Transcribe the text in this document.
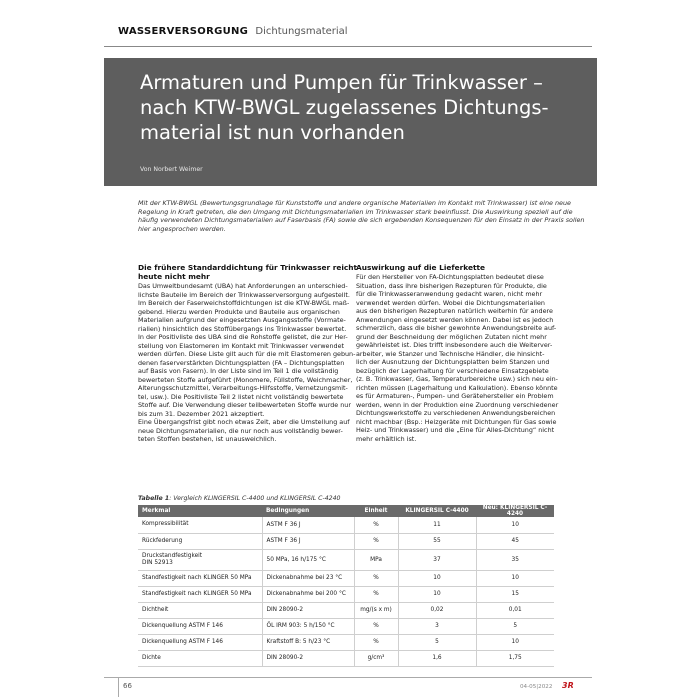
WASSERVERSORGUNG Dichtungsmaterial
Armaturen und Pumpen für Trinkwasser – nach KTW-BWGL zugelassenes Dichtungsmaterial ist nun vorhanden
Von Norbert Weimer
Mit der KTW-BWGL (Bewertungsgrundlage für Kunststoffe und andere organische Materialien im Kontakt mit Trinkwasser) ist eine neue Regelung in Kraft getreten, die den Umgang mit Dichtungsmaterialien im Trinkwasser stark beeinflusst. Die Auswirkung speziell auf die häufig verwendeten Dichtungsmaterialien auf Faserbasis (FA) sowie die sich ergebenden Konsequenzen für den Einsatz in der Praxis sollen hier angesprochen werden.
Die frühere Standarddichtung für Trinkwasser reicht heute nicht mehr

Das Umweltbundesamt (UBA) hat Anforderungen an unterschied-
lichste Bauteile im Bereich der Trinkwasserversorgung aufgestellt.
Im Bereich der Faserweichstoffdichtungen ist die KTW-BWGL maß-
gebend. Hierzu werden Produkte und Bauteile aus organischen
Materialien aufgrund der eingesetzten Ausgangsstoffe (Vormate-
rialien) hinsichtlich des Stoffübergangs ins Trinkwasser bewertet.
In der Positivliste des UBA sind die Rohstoffe gelistet, die zur Her-
stellung von Elastomeren im Kontakt mit Trinkwasser verwendet
werden dürfen. Diese Liste gilt auch für die mit Elastomeren gebun-
denen faserverstärkten Dichtungsplatten (FA – Dichtungsplatten
auf Basis von Fasern). In der Liste sind im Teil 1 die vollständig
bewerteten Stoffe aufgeführt (Monomere, Füllstoffe, Weichmacher,
Alterungsschutzmittel, Verarbeitungs-Hilfsstoffe, Vernetzungsmit-
tel, usw.). Die Positivliste Teil 2 listet nicht vollständig bewertete
Stoffe auf. Die Verwendung dieser teilbewerteten Stoffe wurde nur
bis zum 31. Dezember 2021 akzeptiert.
Eine Übergangsfrist gibt noch etwas Zeit, aber die Umstellung auf
neue Dichtungsmaterialien, die nur noch aus vollständig bewer-
teten Stoffen bestehen, ist unausweichlich.

Auswirkung auf die Lieferkette

Für den Hersteller von FA-Dichtungsplatten bedeutet diese
Situation, dass ihre bisherigen Rezepturen für Produkte, die
für die Trinkwasseranwendung gedacht waren, nicht mehr
verwendet werden dürfen. Wobei die Dichtungsmaterialien
aus den bisherigen Rezepturen natürlich weiterhin für andere
Anwendungen eingesetzt werden können. Dabei ist es jedoch
schmerzlich, dass die bisher gewohnte Anwendungsbreite auf-
grund der Beschneidung der möglichen Zutaten nicht mehr
gewährleistet ist. Dies trifft insbesondere auch die Weiterver-
arbeiter, wie Stanzer und Technische Händler, die hinsicht-
lich der Ausnutzung der Dichtungsplatten beim Stanzen und
bezüglich der Lagerhaltung für verschiedene Einsatzgebiete
(z. B. Trinkwasser, Gas, Temperaturbereiche usw.) sich neu ein-
richten müssen (Lagerhaltung und Kalkulation). Ebenso könnte
es für Armaturen-, Pumpen- und Gerätehersteller ein Problem
werden, wenn in der Produktion eine Zuordnung verschiedener
Dichtungswerkstoffe zu verschiedenen Anwendungsbereichen
nicht machbar (Bsp.: Heizgeräte mit Dichtungen für Gas sowie
Heiz- und Trinkwasser) und die „Eine für Alles-Dichtung“ nicht
mehr erhältlich ist.

Tabelle 1: Vergleich KLINGERSIL C-4400 und KLINGERSIL C-4240
Merkmal	Bedingungen	Einheit	KLINGERSIL C-4400	Neu: KLINGERSIL C-4240
Kompressibilität	ASTM F 36 J	%	11	10
Rückfederung	ASTM F 36 J	%	55	45
Druckstandfestigkeit
DIN 52913	50 MPa, 16 h/175 °C	MPa	37	35
Standfestigkeit nach KLINGER 50 MPa	Dickenabnahme bei 23 °C	%	10	10
Standfestigkeit nach KLINGER 50 MPa	Dickenabnahme bei 200 °C	%	10	15
Dichtheit	DIN 28090-2	mg/(s x m)	0,02	0,01
Dickenquellung ASTM F 146	ÖL IRM 903: 5 h/150 °C	%	3	5
Dickenquellung ASTM F 146	Kraftstoff B: 5 h/23 °C	%	5	10
Dichte	DIN 28090-2	g/cm³	1,6	1,75
66	04-05|2022 3R
